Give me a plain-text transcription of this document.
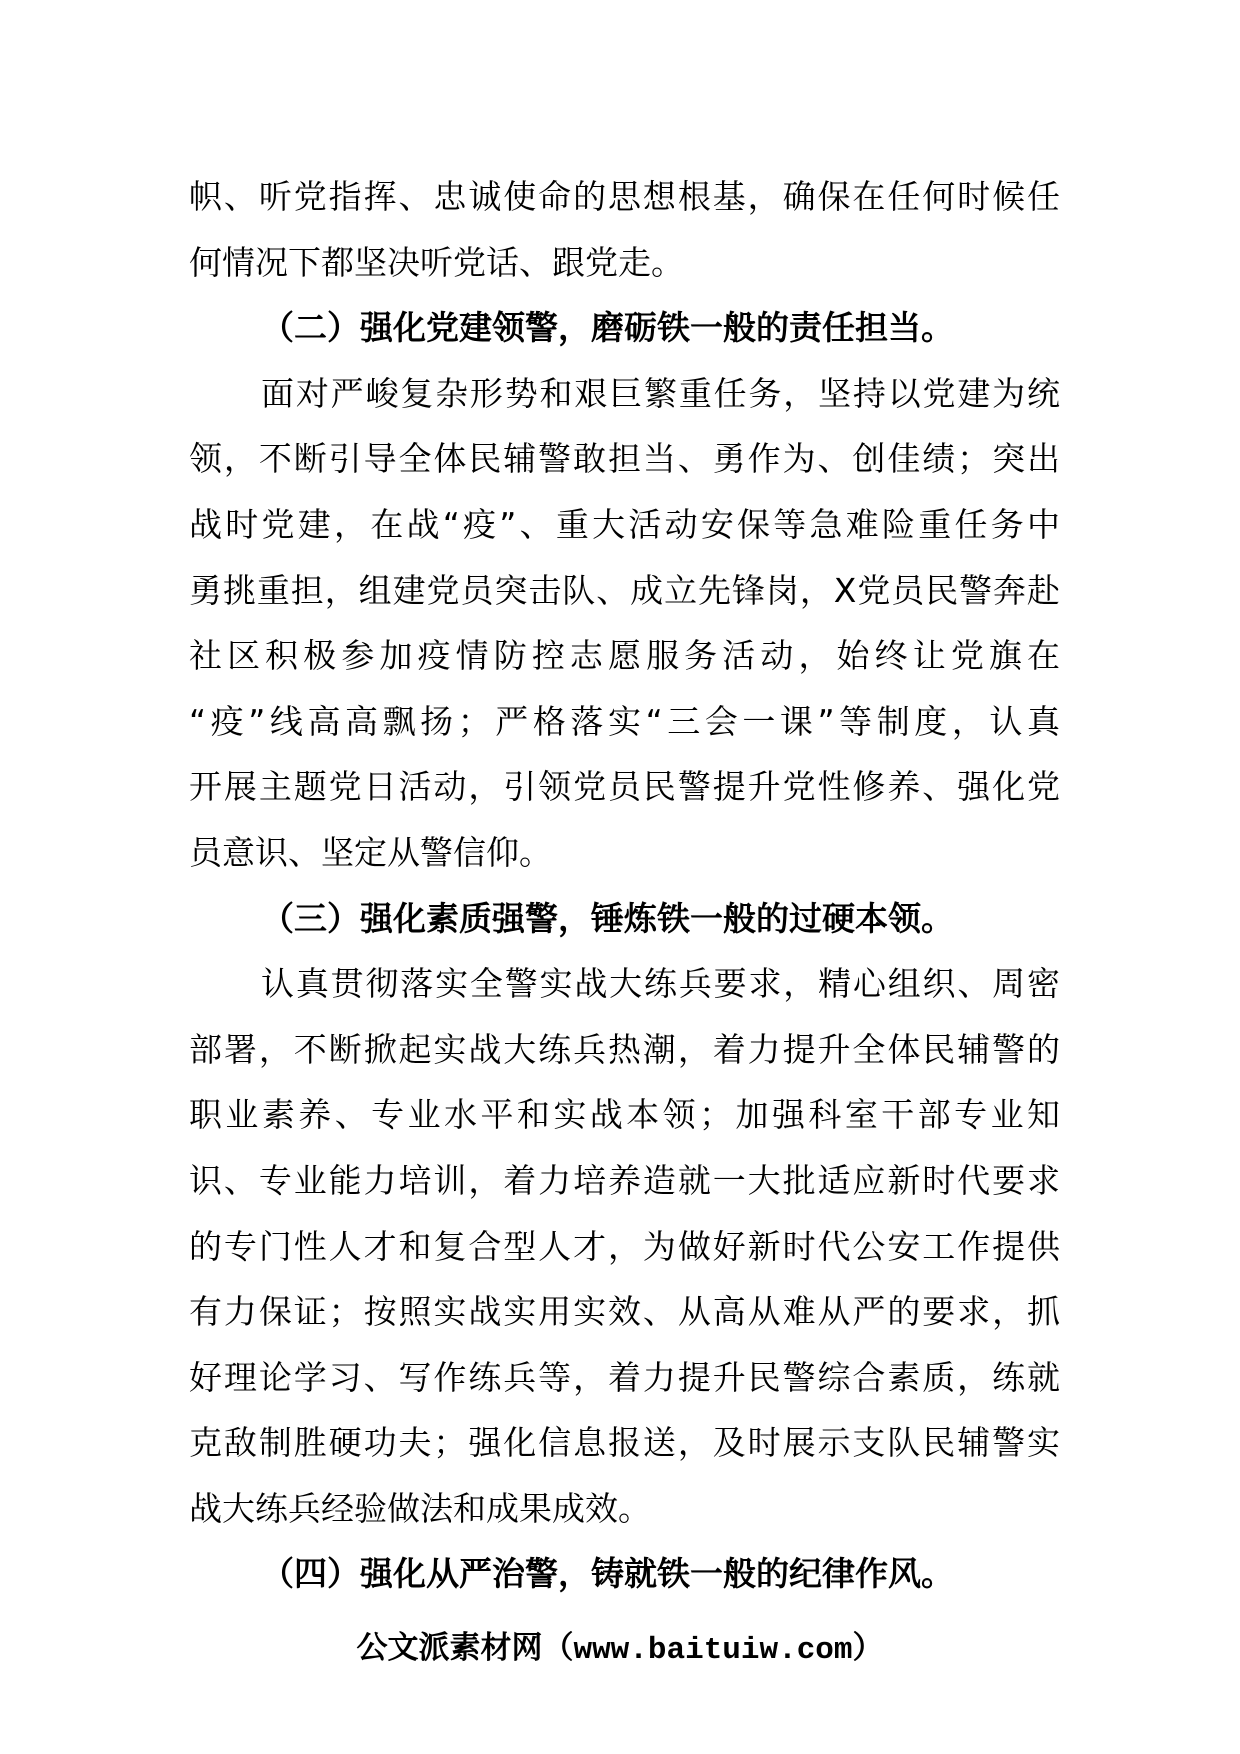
帜、听党指挥、忠诚使命的思想根基，确保在任何时候任
何情况下都坚决听党话、跟党走。
（二）强化党建领警，磨砺铁一般的责任担当。
面对严峻复杂形势和艰巨繁重任务，坚持以党建为统
领，不断引导全体民辅警敢担当、勇作为、创佳绩；突出
战时党建，在战“疫”、重大活动安保等急难险重任务中
勇挑重担，组建党员突击队、成立先锋岗，X党员民警奔赴
社区积极参加疫情防控志愿服务活动，始终让党旗在
“疫”线高高飘扬；严格落实“三会一课”等制度，认真
开展主题党日活动，引领党员民警提升党性修养、强化党
员意识、坚定从警信仰。
（三）强化素质强警，锤炼铁一般的过硬本领。
认真贯彻落实全警实战大练兵要求，精心组织、周密
部署，不断掀起实战大练兵热潮，着力提升全体民辅警的
职业素养、专业水平和实战本领；加强科室干部专业知
识、专业能力培训，着力培养造就一大批适应新时代要求
的专门性人才和复合型人才，为做好新时代公安工作提供
有力保证；按照实战实用实效、从高从难从严的要求，抓
好理论学习、写作练兵等，着力提升民警综合素质，练就
克敌制胜硬功夫；强化信息报送，及时展示支队民辅警实
战大练兵经验做法和成果成效。
（四）强化从严治警，铸就铁一般的纪律作风。
公文派素材网（www.baituiw.com）
